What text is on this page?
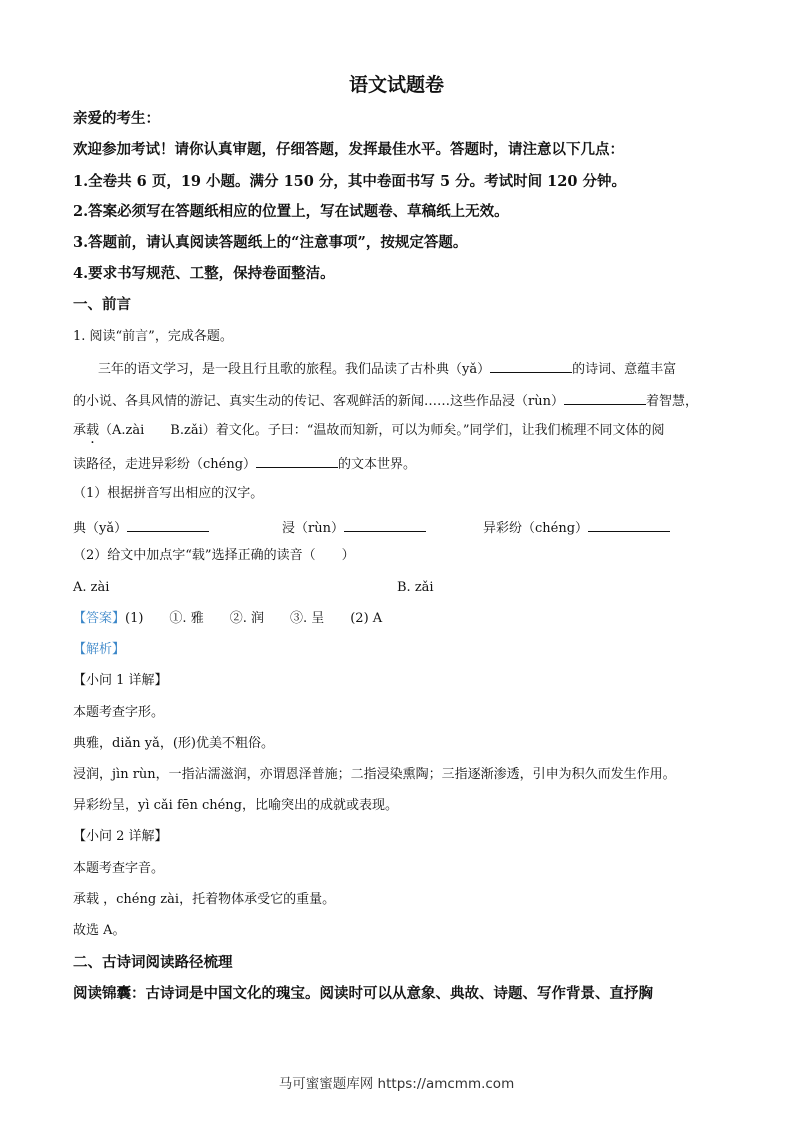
语文试题卷
亲爱的考生：
欢迎参加考试！请你认真审题，仔细答题，发挥最佳水平。答题时，请注意以下几点：
1.全卷共 6 页，19 小题。满分 150 分，其中卷面书写 5 分。考试时间 120 分钟。
2.答案必须写在答题纸相应的位置上，写在试题卷、草稿纸上无效。
3.答题前，请认真阅读答题纸上的“注意事项”，按规定答题。
4.要求书写规范、工整，保持卷面整洁。
一、前言
1. 阅读“前言”，完成各题。
三年的语文学习，是一段且行且歌的旅程。我们品读了古朴典（yǎ）	的诗词、意蕴丰富
的小说、各具风情的游记、真实生动的传记、客观鲜活的新闻……这些作品浸（rùn）	着智慧，
承载（A.zài　　B.zǎi）着文化。子曰：“温故而知新，可以为师矣。”同学们，让我们梳理不同文体的阅
读路径，走进异彩纷（chéng）	的文本世界。
（1）根据拼音写出相应的汉字。
典（yǎ）	浸（rùn）	异彩纷（chéng）
（2）给文中加点字“载”选择正确的读音（　　）
A. zài	B. zǎi
【答案】(1)　　①. 雅　　②. 润　　③. 呈　　(2) A
【解析】
【小问 1 详解】
本题考查字形。
典雅，diǎn yǎ，(形)优美不粗俗。
浸润，jìn rùn，一指沾濡滋润，亦谓恩泽普施；二指浸染熏陶；三指逐渐渗透，引申为积久而发生作用。
异彩纷呈，yì cǎi fēn chéng，比喻突出的成就或表现。
【小问 2 详解】
本题考查字音。
承载 ，chéng zài，托着物体承受它的重量。
故选 A。
二、古诗词阅读路径梳理
阅读锦囊：古诗词是中国文化的瑰宝。阅读时可以从意象、典故、诗题、写作背景、直抒胸
马可蜜蜜题库网 https://amcmm.com
